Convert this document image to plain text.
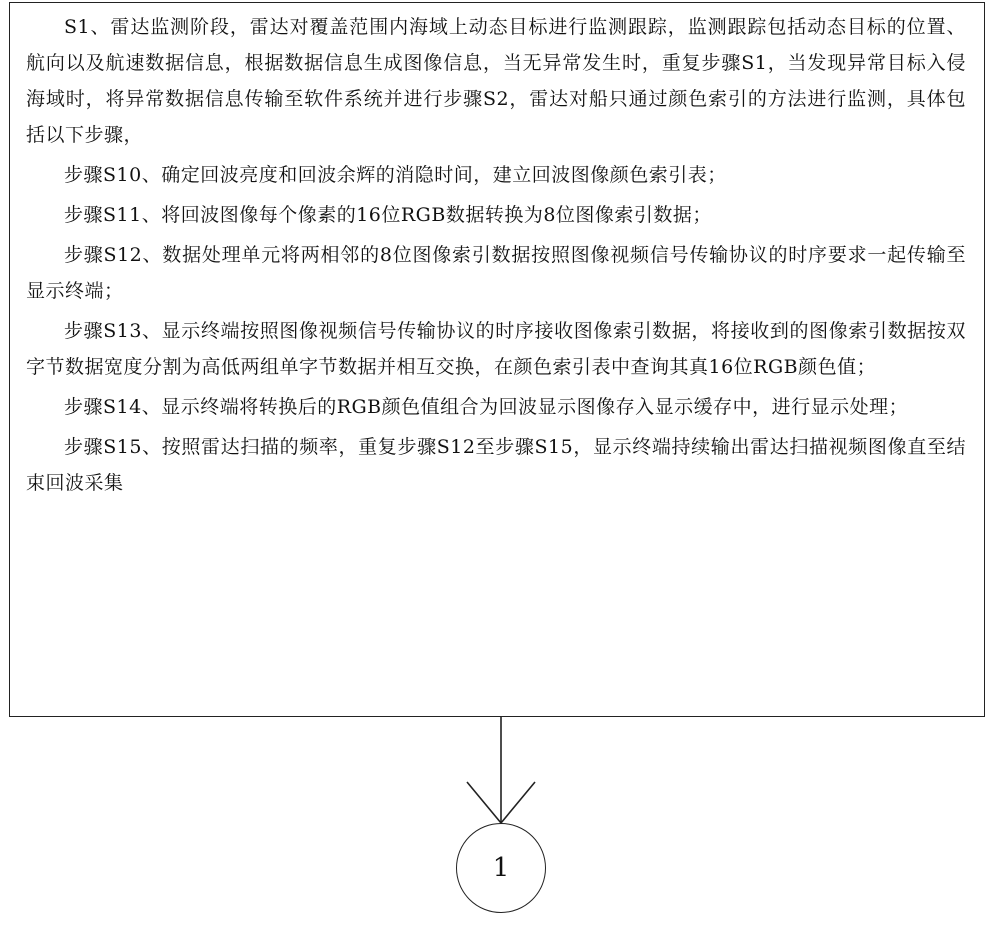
S1、雷达监测阶段，雷达对覆盖范围内海域上动态目标进行监测跟踪，监测跟踪包括动态目标的位置、航向以及航速数据信息，根据数据信息生成图像信息，当无异常发生时，重复步骤S1，当发现异常目标入侵海域时，将异常数据信息传输至软件系统并进行步骤S2，雷达对船只通过颜色索引的方法进行监测，具体包括以下步骤，

步骤S10、确定回波亮度和回波余辉的消隐时间，建立回波图像颜色索引表；

步骤S11、将回波图像每个像素的16位RGB数据转换为8位图像索引数据；

步骤S12、数据处理单元将两相邻的8位图像索引数据按照图像视频信号传输协议的时序要求一起传输至显示终端；

步骤S13、显示终端按照图像视频信号传输协议的时序接收图像索引数据，将接收到的图像索引数据按双字节数据宽度分割为高低两组单字节数据并相互交换，在颜色索引表中查询其真16位RGB颜色值；

步骤S14、显示终端将转换后的RGB颜色值组合为回波显示图像存入显示缓存中，进行显示处理；

步骤S15、按照雷达扫描的频率，重复步骤S12至步骤S15，显示终端持续输出雷达扫描视频图像直至结束回波采集

1
